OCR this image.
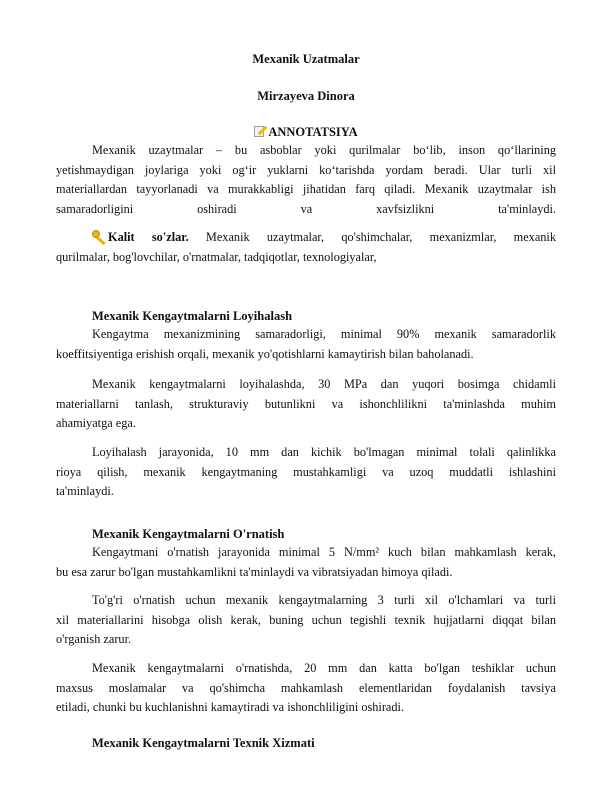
Mexanik Uzatmalar
Mirzayeva Dinora
ANNOTATSIYA
Mexanik uzaytmalar – bu asboblar yoki qurilmalar bo‘lib, inson qo‘llarining
yetishmaydigan joylariga yoki og‘ir yuklarni ko‘tarishda yordam beradi. Ular turli xil
materiallardan tayyorlanadi va murakkabligi jihatidan farq qiladi. Mexanik uzaytmalar ish
samaradorligini oshiradi va xavfsizlikni ta'minlaydi.
Kalit so'zlar. Mexanik uzaytmalar, qo'shimchalar, mexanizmlar, mexanik
qurilmalar, bog'lovchilar, o'rnatmalar, tadqiqotlar, texnologiyalar,
Mexanik Kengaytmalarni Loyihalash
Kengaytma mexanizmining samaradorligi, minimal 90% mexanik samaradorlik
koeffitsiyentiga erishish orqali, mexanik yo'qotishlarni kamaytirish bilan baholanadi.
Mexanik kengaytmalarni loyihalashda, 30 MPa dan yuqori bosimga chidamli
materiallarni tanlash, strukturaviy butunlikni va ishonchlilikni ta'minlashda muhim
ahamiyatga ega.
Loyihalash jarayonida, 10 mm dan kichik bo'lmagan minimal tolali qalinlikka
rioya qilish, mexanik kengaytmaning mustahkamligi va uzoq muddatli ishlashini
ta'minlaydi.
Mexanik Kengaytmalarni O'rnatish
Kengaytmani o'rnatish jarayonida minimal 5 N/mm² kuch bilan mahkamlash kerak,
bu esa zarur bo'lgan mustahkamlikni ta'minlaydi va vibratsiyadan himoya qiladi.
To'g'ri o'rnatish uchun mexanik kengaytmalarning 3 turli xil o'lchamlari va turli
xil materiallarini hisobga olish kerak, buning uchun tegishli texnik hujjatlarni diqqat bilan
o'rganish zarur.
Mexanik kengaytmalarni o'rnatishda, 20 mm dan katta bo'lgan teshiklar uchun
maxsus moslamalar va qo'shimcha mahkamlash elementlaridan foydalanish tavsiya
etiladi, chunki bu kuchlanishni kamaytiradi va ishonchliligini oshiradi.
Mexanik Kengaytmalarni Texnik Xizmati
